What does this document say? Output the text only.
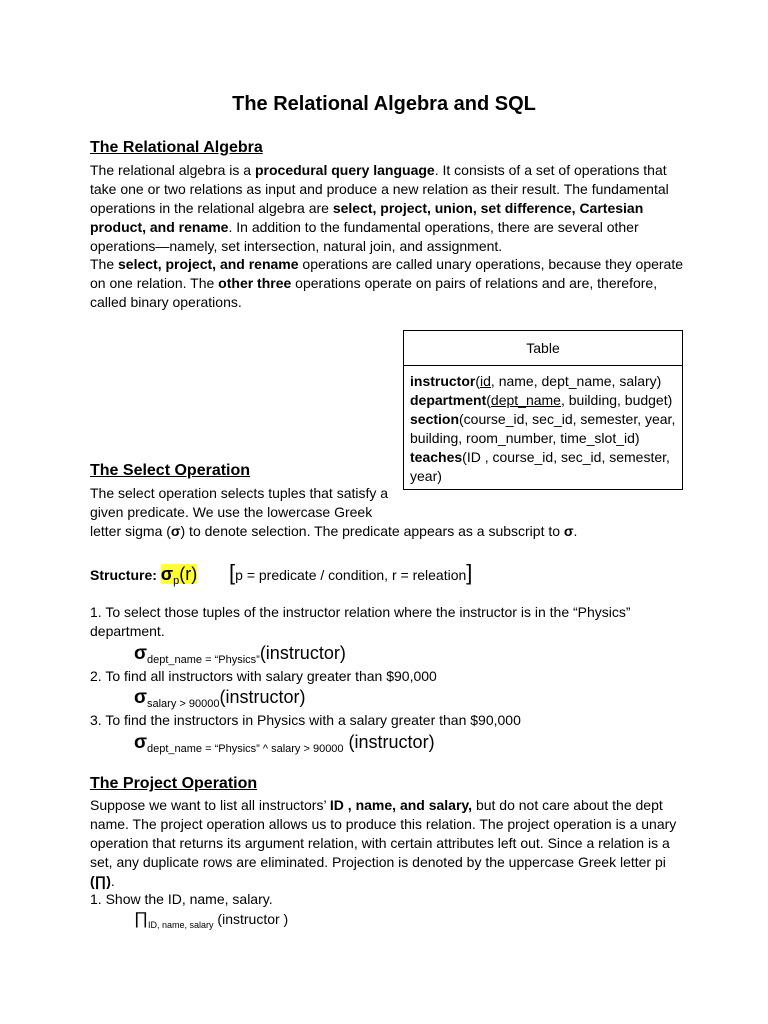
The Relational Algebra and SQL
The Relational Algebra
The relational algebra is a procedural query language. It consists of a set of operations that take one or two relations as input and produce a new relation as their result. The fundamental operations in the relational algebra are select, project, union, set difference, Cartesian product, and rename. In addition to the fundamental operations, there are several other operations—namely, set intersection, natural join, and assignment.
The select, project, and rename operations are called unary operations, because they operate on one relation. The other three operations operate on pairs of relations and are, therefore, called binary operations.
Table
instructor(id, name, dept_name, salary)
department(dept_name, building, budget)
section(course_id, sec_id, semester, year, building, room_number, time_slot_id)
teaches(ID , course_id, sec_id, semester, year)
The Select Operation
The select operation selects tuples that satisfy a
given predicate. We use the lowercase Greek
letter sigma (σ) to denote selection. The predicate appears as a subscript to σ.
Structure: $\sigma_p(r) [p$ = predicate / condition, r = releation]
1. To select those tuples of the instructor relation where the instructor is in the “Physics” department.
$\sigma_{dept\_name = “Physics”}(instructor)$
2. To find all instructors with salary greater than $90,000
$\sigma_{salary > 90000}(instructor)$
3. To find the instructors in Physics with a salary greater than $90,000
$\sigma_{dept\_name = “Physics” \^{} salary > 90000}$ (instructor)
The Project Operation
Suppose we want to list all instructors’ ID , name, and salary, but do not care about the dept name. The project operation allows us to produce this relation. The project operation is a unary operation that returns its argument relation, with certain attributes left out. Since a relation is a set, any duplicate rows are eliminated. Projection is denoted by the uppercase Greek letter pi (∏).
1. Show the ID, name, salary.
$\prod_{ID, name, salary}$ (instructor )
